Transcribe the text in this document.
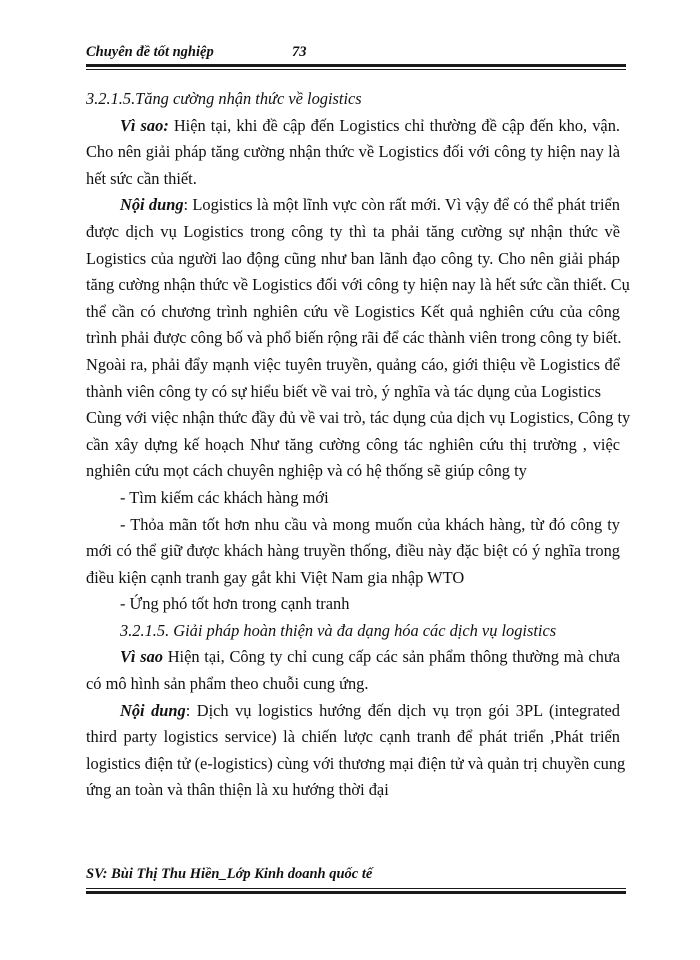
Chuyên đề tốt nghiệp	73
3.2.1.5.Tăng cường nhận thức về logistics
Vì sao: Hiện tại, khi đề cập đến Logistics chỉ thường đề cập đến kho, vận.
Cho nên giải pháp tăng cường nhận thức về Logistics đối với công ty hiện nay là
hết sức cần thiết.
Nội dung: Logistics là một lĩnh vực còn rất mới. Vì vậy để có thể phát triển
được dịch vụ Logistics trong công ty thì ta phải tăng cường sự nhận thức về
Logistics của người lao động cũng như ban lãnh đạo công ty. Cho nên giải pháp
tăng cường nhận thức về Logistics đối với công ty hiện nay là hết sức cần thiết. Cụ
thể cần có chương trình nghiên cứu về Logistics Kết quả nghiên cứu của công
trình phải được công bố và phổ biến rộng rãi để các thành viên trong công ty biết.
Ngoài ra, phải đẩy mạnh việc tuyên truyền, quảng cáo, giới thiệu về Logistics để
thành viên công ty có sự hiểu biết về vai trò, ý nghĩa và tác dụng của Logistics
Cùng với việc nhận thức đầy đủ về vai trò, tác dụng của dịch vụ Logistics, Công ty
cần xây dựng kế hoạch Như tăng cường công tác nghiên cứu thị trường , việc
nghiên cứu mọt cách chuyên nghiệp và có hệ thống sẽ giúp công ty
- Tìm kiếm các khách hàng mới
- Thỏa mãn tốt hơn nhu cầu và mong muốn của khách hàng, từ đó công ty
mới có thể giữ được khách hàng truyền thống, điều này đặc biệt có ý nghĩa trong
điều kiện cạnh tranh gay gắt khi Việt Nam gia nhập WTO
- Ứng phó tốt hơn trong cạnh tranh
3.2.1.5. Giải pháp hoàn thiện và đa dạng hóa các dịch vụ logistics
Vì sao Hiện tại, Công ty chỉ cung cấp các sản phẩm thông thường mà chưa
có mô hình sản phẩm theo chuỗi cung ứng.
Nội dung: Dịch vụ logistics hướng đến dịch vụ trọn gói 3PL (integrated
third party logistics service) là chiến lược cạnh tranh để phát triển ,Phát triển
logistics điện tử (e-logistics) cùng với thương mại điện tử và quản trị chuyền cung
ứng an toàn và thân thiện là xu hướng thời đại
SV: Bùi Thị Thu Hiền_Lớp Kinh doanh quốc tế
